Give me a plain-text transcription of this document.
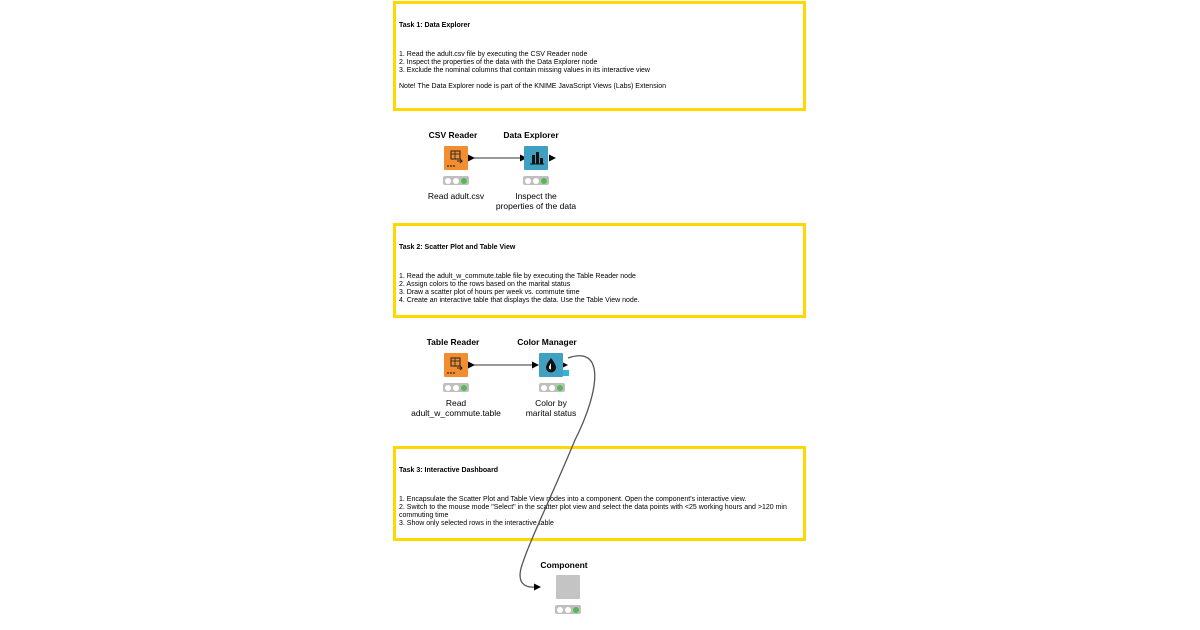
Task 1: Data Explorer

1. Read the adult.csv file by executing the CSV Reader node
2. Inspect the properties of the data with the Data Explorer node
3. Exclude the nominal columns that contain missing values in its interactive view

Note! The Data Explorer node is part of the KNIME JavaScript Views (Labs) Extension

Task 2: Scatter Plot and Table View

1. Read the adult_w_commute.table file by executing the Table Reader node
2. Assign colors to the rows based on the marital status
3. Draw a scatter plot of hours per week vs. commute time
4. Create an interactive table that displays the data. Use the Table View node.

Task 3: Interactive Dashboard

1. Encapsulate the Scatter Plot and Table View nodes into a component. Open the component's interactive view.
2. Switch to the mouse mode "Select" in the scatter plot view and select the data points with <25 working hours and >120 min commuting time
3. Show only selected rows in the interactive table

CSV Reader
Read adult.csv
Data Explorer
Inspect the
properties of the data
Table Reader
Read
adult_w_commute.table
Color Manager
Color by
marital status
Component
